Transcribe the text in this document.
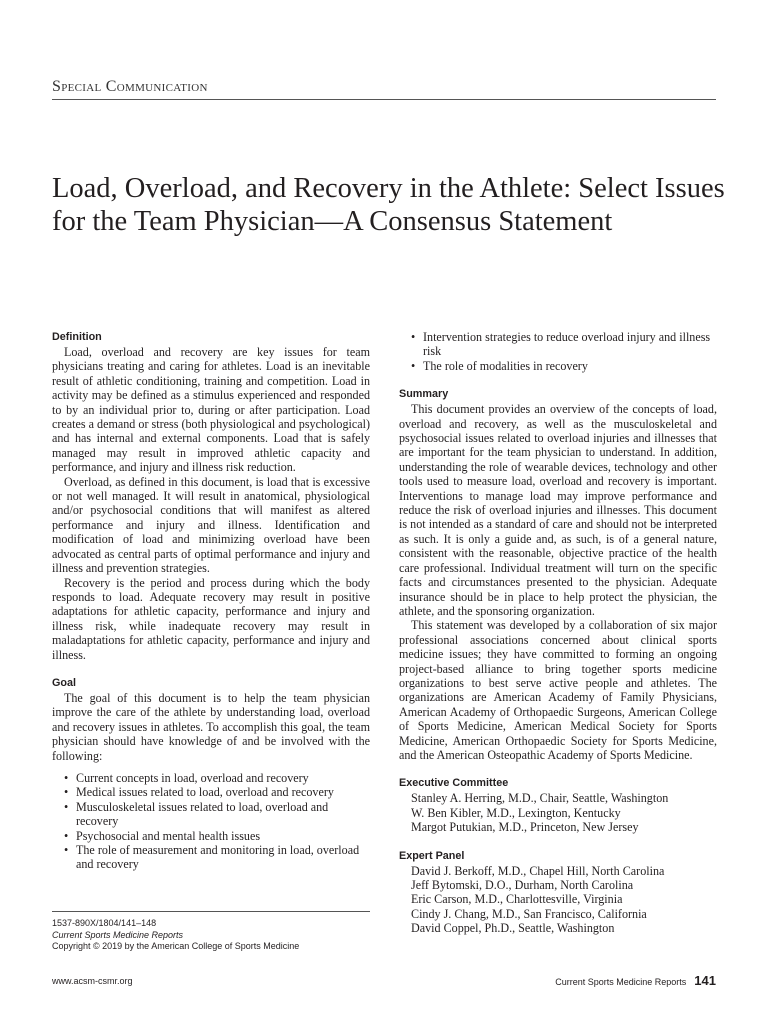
Special Communication
Load, Overload, and Recovery in the Athlete: Select Issues for the Team Physician—A Consensus Statement
Definition

Load, overload and recovery are key issues for team physicians treating and caring for athletes. Load is an inevitable result of athletic conditioning, training and competition. Load in activity may be defined as a stimulus experienced and responded to by an individual prior to, during or after participation. Load creates a demand or stress (both physiological and psychological) and has internal and external components. Load that is safely managed may result in improved athletic capacity and performance, and injury and illness risk reduction.

Overload, as defined in this document, is load that is excessive or not well managed. It will result in anatomical, physiological and/or psychosocial conditions that will manifest as altered performance and injury and illness. Identification and modification of load and minimizing overload have been advocated as central parts of optimal performance and injury and illness and prevention strategies.

Recovery is the period and process during which the body responds to load. Adequate recovery may result in positive adaptations for athletic capacity, performance and injury and illness risk, while inadequate recovery may result in maladaptations for athletic capacity, performance and injury and illness.

Goal

The goal of this document is to help the team physician improve the care of the athlete by understanding load, overload and recovery issues in athletes. To accomplish this goal, the team physician should have knowledge of and be involved with the following:

• Current concepts in load, overload and recovery
• Medical issues related to load, overload and recovery
• Musculoskeletal issues related to load, overload and recovery
• Psychosocial and mental health issues
• The role of measurement and monitoring in load, overload and recovery
• Intervention strategies to reduce overload injury and illness risk
• The role of modalities in recovery
Summary

This document provides an overview of the concepts of load, overload and recovery, as well as the musculoskeletal and psychosocial issues related to overload injuries and illnesses that are important for the team physician to understand. In addition, understanding the role of wearable devices, technology and other tools used to measure load, overload and recovery is important. Interventions to manage load may improve performance and reduce the risk of overload injuries and illnesses. This document is not intended as a standard of care and should not be interpreted as such. It is only a guide and, as such, is of a general nature, consistent with the reasonable, objective practice of the health care professional. Individual treatment will turn on the specific facts and circumstances presented to the physician. Adequate insurance should be in place to help protect the physician, the athlete, and the sponsoring organization.

This statement was developed by a collaboration of six major professional associations concerned about clinical sports medicine issues; they have committed to forming an ongoing project-based alliance to bring together sports medicine organizations to best serve active people and athletes. The organizations are American Academy of Family Physicians, American Academy of Orthopaedic Surgeons, American College of Sports Medicine, American Medical Society for Sports Medicine, American Orthopaedic Society for Sports Medicine, and the American Osteopathic Academy of Sports Medicine.

Executive Committee
Stanley A. Herring, M.D., Chair, Seattle, Washington
W. Ben Kibler, M.D., Lexington, Kentucky
Margot Putukian, M.D., Princeton, New Jersey
Expert Panel
David J. Berkoff, M.D., Chapel Hill, North Carolina
Jeff Bytomski, D.O., Durham, North Carolina
Eric Carson, M.D., Charlottesville, Virginia
Cindy J. Chang, M.D., San Francisco, California
David Coppel, Ph.D., Seattle, Washington
1537-890X/1804/141–148
Current Sports Medicine Reports
Copyright © 2019 by the American College of Sports Medicine
www.acsm-csmr.org	Current Sports Medicine Reports 141
